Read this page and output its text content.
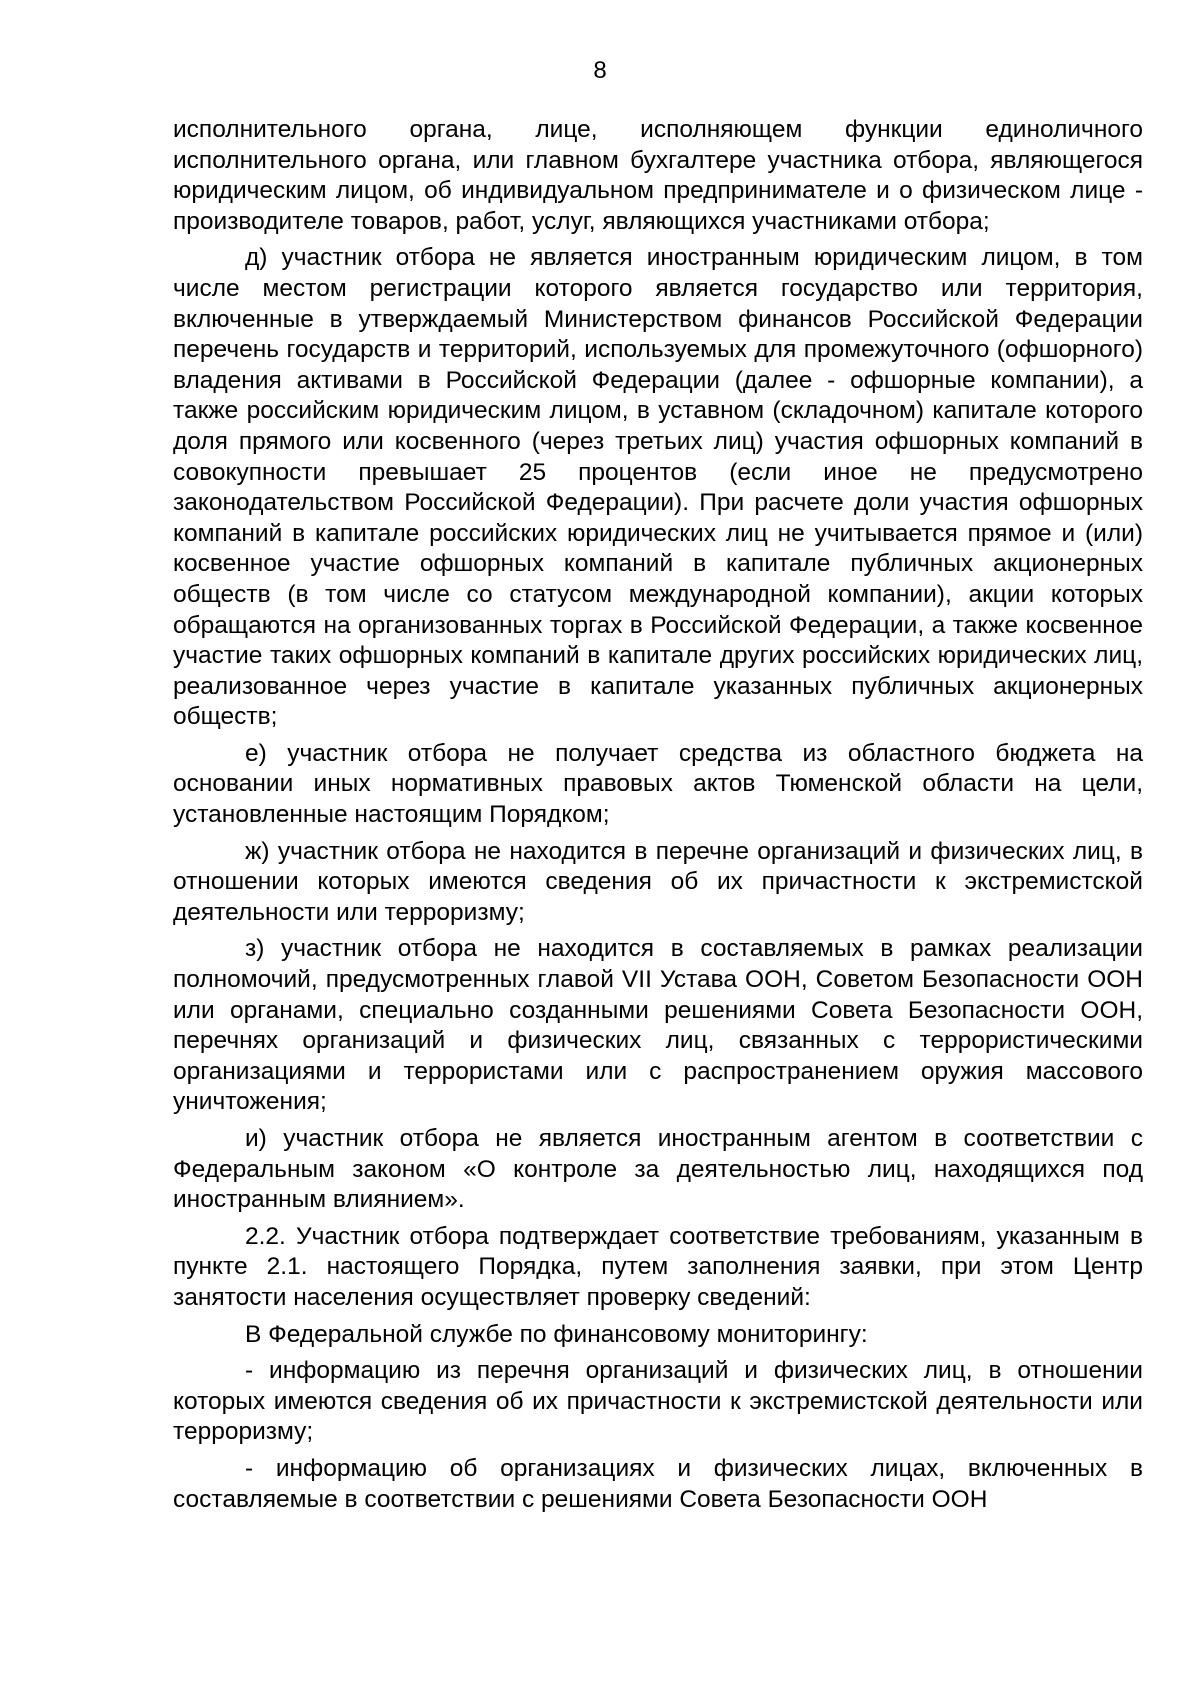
8

исполнительного органа, лице, исполняющем функции единоличного исполнительного органа, или главном бухгалтере участника отбора, являющегося юридическим лицом, об индивидуальном предпринимателе и о физическом лице - производителе товаров, работ, услуг, являющихся участниками отбора;

д) участник отбора не является иностранным юридическим лицом, в том числе местом регистрации которого является государство или территория, включенные в утверждаемый Министерством финансов Российской Федерации перечень государств и территорий, используемых для промежуточного (офшорного) владения активами в Российской Федерации (далее - офшорные компании), а также российским юридическим лицом, в уставном (складочном) капитале которого доля прямого или косвенного (через третьих лиц) участия офшорных компаний в совокупности превышает 25 процентов (если иное не предусмотрено законодательством Российской Федерации). При расчете доли участия офшорных компаний в капитале российских юридических лиц не учитывается прямое и (или) косвенное участие офшорных компаний в капитале публичных акционерных обществ (в том числе со статусом международной компании), акции которых обращаются на организованных торгах в Российской Федерации, а также косвенное участие таких офшорных компаний в капитале других российских юридических лиц, реализованное через участие в капитале указанных публичных акционерных обществ;

е) участник отбора не получает средства из областного бюджета на основании иных нормативных правовых актов Тюменской области на цели, установленные настоящим Порядком;

ж) участник отбора не находится в перечне организаций и физических лиц, в отношении которых имеются сведения об их причастности к экстремистской деятельности или терроризму;

з) участник отбора не находится в составляемых в рамках реализации полномочий, предусмотренных главой VII Устава ООН, Советом Безопасности ООН или органами, специально созданными решениями Совета Безопасности ООН, перечнях организаций и физических лиц, связанных с террористическими организациями и террористами или с распространением оружия массового уничтожения;

и) участник отбора не является иностранным агентом в соответствии с Федеральным законом «О контроле за деятельностью лиц, находящихся под иностранным влиянием».

2.2. Участник отбора подтверждает соответствие требованиям, указанным в пункте 2.1. настоящего Порядка, путем заполнения заявки, при этом Центр занятости населения осуществляет проверку сведений:

В Федеральной службе по финансовому мониторингу:

- информацию из перечня организаций и физических лиц, в отношении которых имеются сведения об их причастности к экстремистской деятельности или терроризму;

- информацию об организациях и физических лицах, включенных в составляемые в соответствии с решениями Совета Безопасности ООН
